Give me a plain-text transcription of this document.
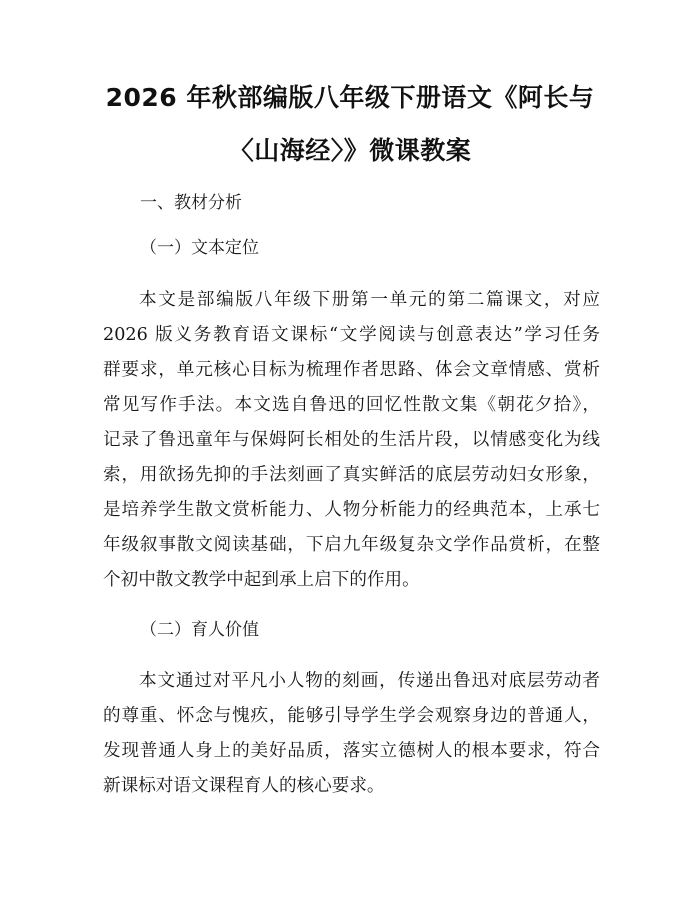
2026 年秋部编版八年级下册语文《阿长与
〈山海经〉》微课教案
一、教材分析
（一）文本定位
本文是部编版八年级下册第一单元的第二篇课文，对应
2026 版义务教育语文课标“文学阅读与创意表达”学习任务
群要求，单元核心目标为梳理作者思路、体会文章情感、赏析
常见写作手法。本文选自鲁迅的回忆性散文集《朝花夕拾》，
记录了鲁迅童年与保姆阿长相处的生活片段，以情感变化为线
索，用欲扬先抑的手法刻画了真实鲜活的底层劳动妇女形象，
是培养学生散文赏析能力、人物分析能力的经典范本，上承七
年级叙事散文阅读基础，下启九年级复杂文学作品赏析，在整
个初中散文教学中起到承上启下的作用。
（二）育人价值
本文通过对平凡小人物的刻画，传递出鲁迅对底层劳动者
的尊重、怀念与愧疚，能够引导学生学会观察身边的普通人，
发现普通人身上的美好品质，落实立德树人的根本要求，符合
新课标对语文课程育人的核心要求。
